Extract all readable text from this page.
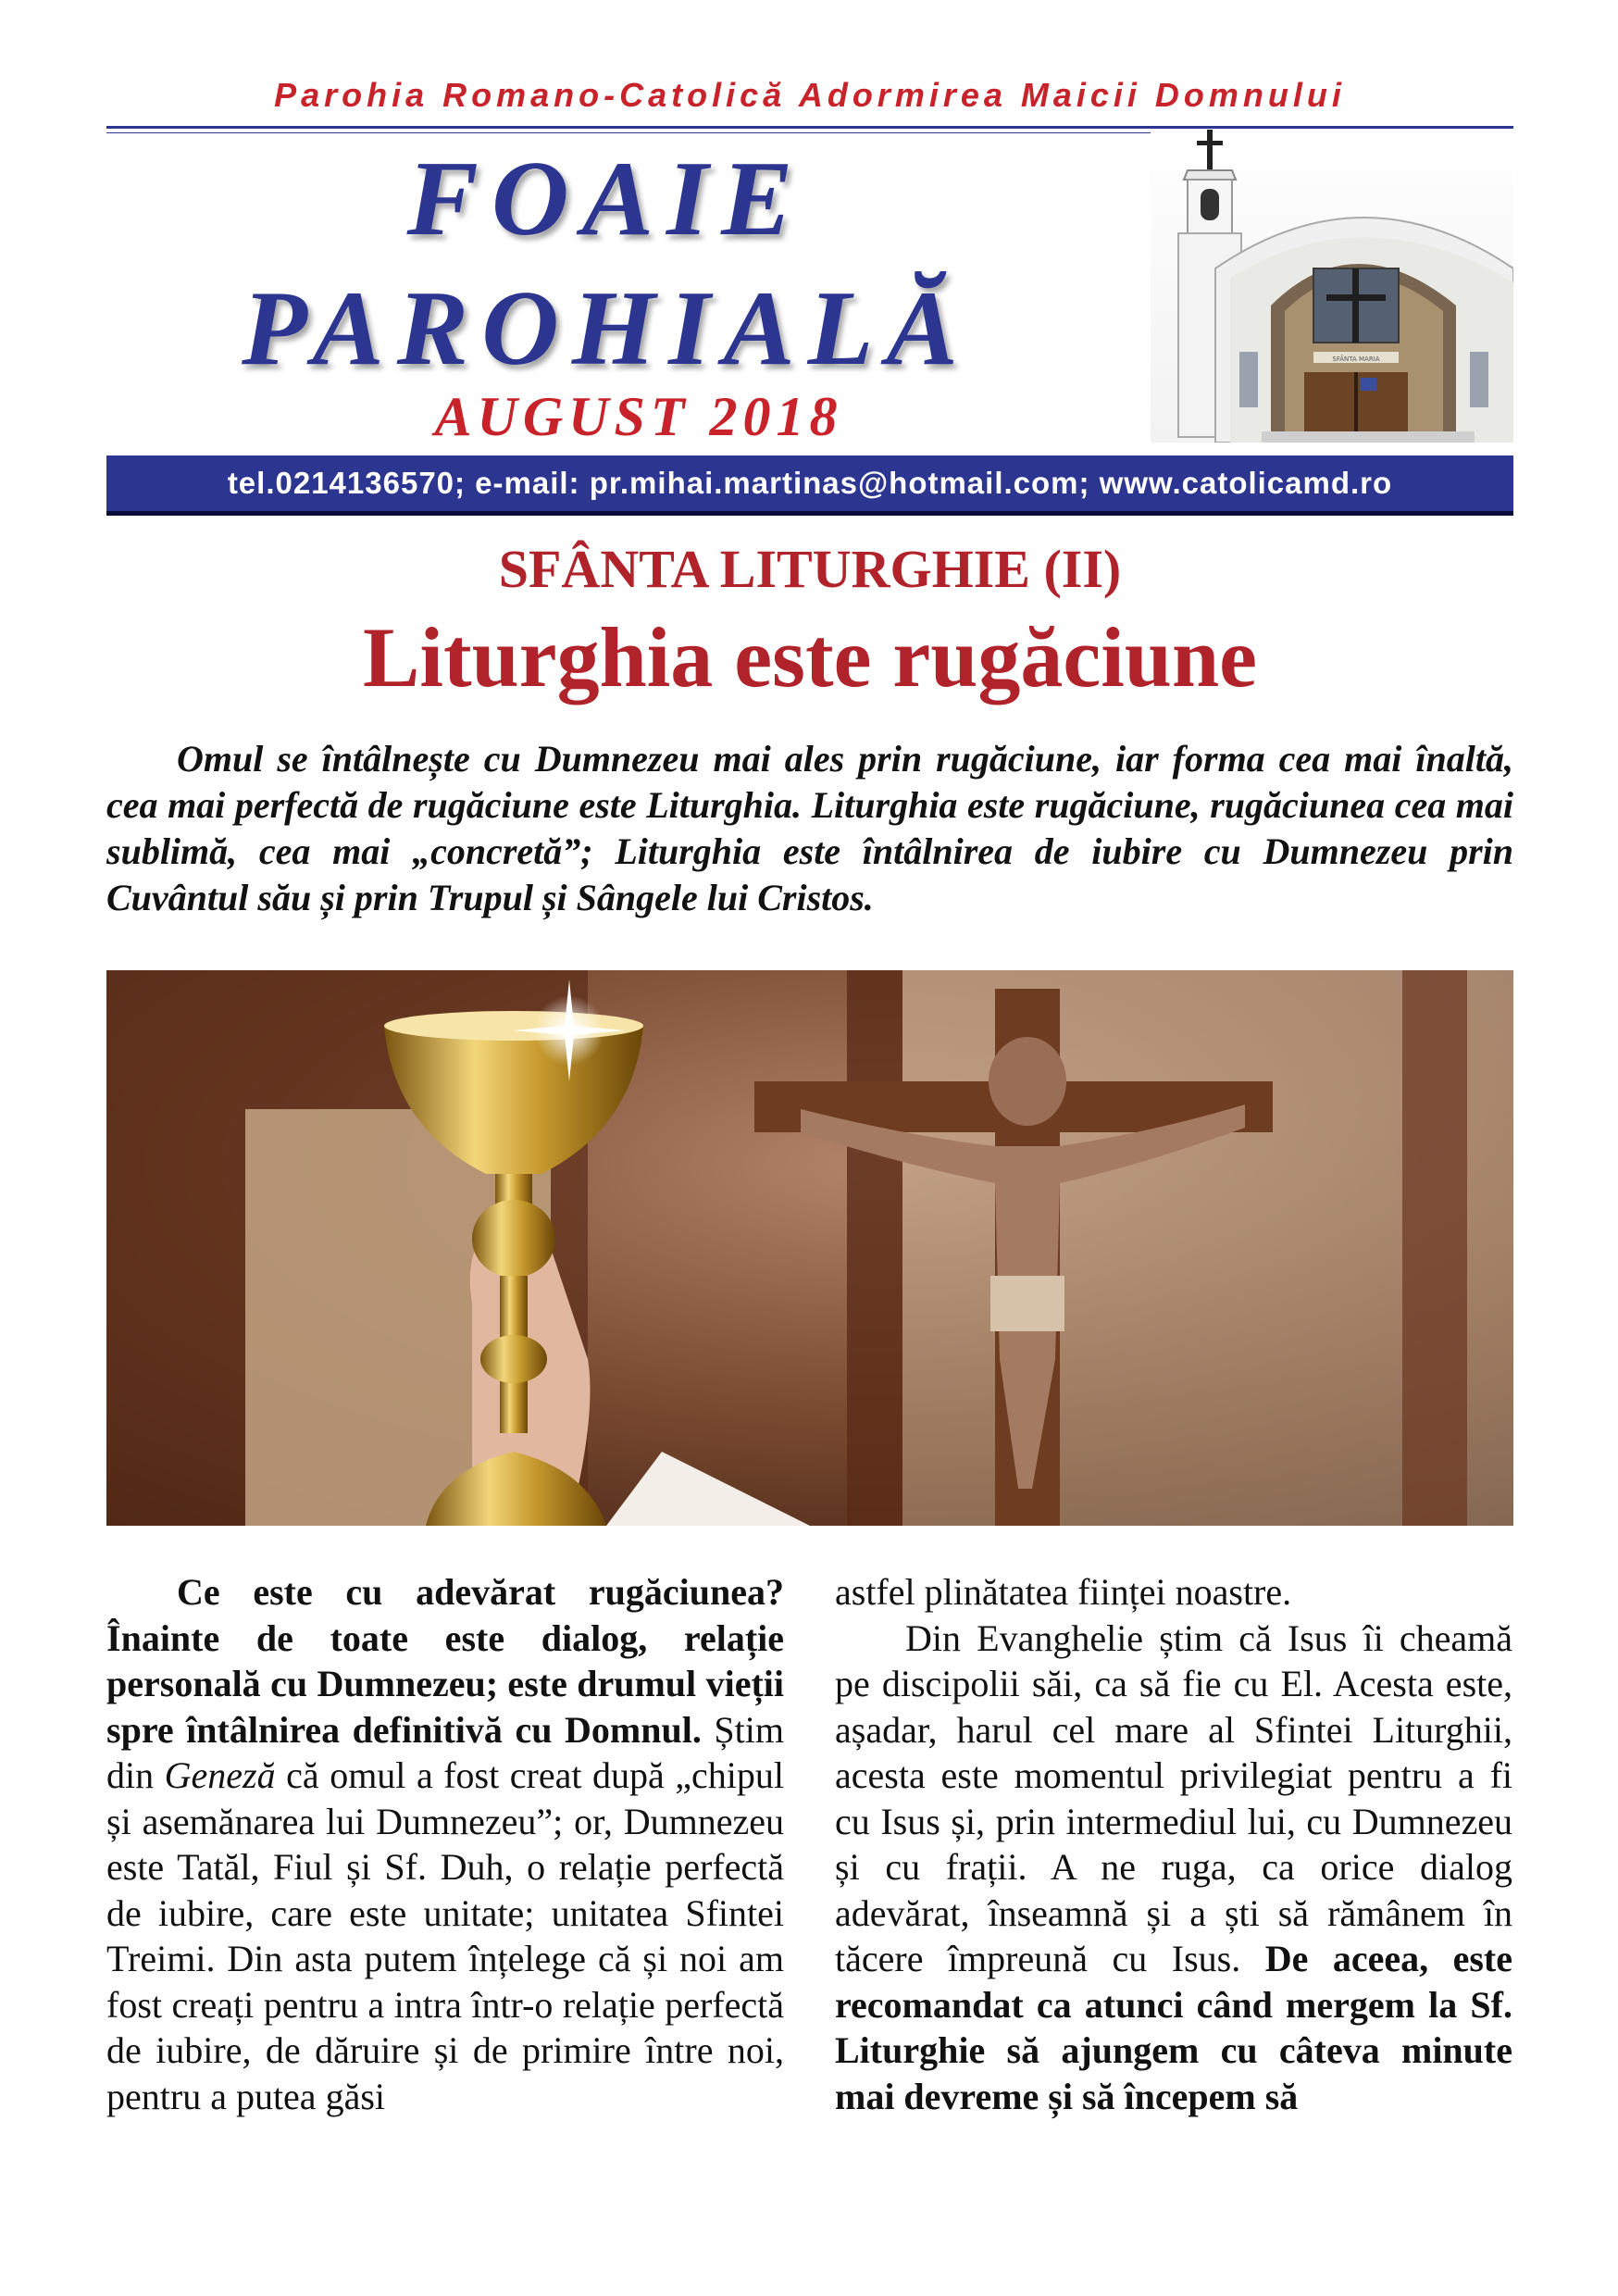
Parohia Romano-Catolică Adormirea Maicii Domnului
FOAIE
PAROHIALĂ
AUGUST 2018
SFÂNTA MARIA
tel.0214136570; e-mail: pr.mihai.martinas@hotmail.com; www.catolicamd.ro
SFÂNTA LITURGHIE (II)
Liturghia este rugăciune

Omul se întâlnește cu Dumnezeu mai ales prin rugăciune, iar forma cea mai înaltă, cea mai perfectă de rugăciune este Liturghia. Liturghia este rugăciune, rugăciunea cea mai sublimă, cea mai „concretă”; Liturghia este întâlnirea de iubire cu Dumnezeu prin Cuvântul său și prin Trupul și Sângele lui Cristos.

Ce este cu adevărat rugăciunea? Înainte de toate este dialog, relație personală cu Dumnezeu; este drumul vieții spre întâlnirea definitivă cu Domnul. Știm din Geneză că omul a fost creat după „chipul și asemănarea lui Dumnezeu”; or, Dumnezeu este Tatăl, Fiul și Sf. Duh, o relație perfectă de iubire, care este unitate; unitatea Sfintei Treimi. Din asta putem înțelege că și noi am fost creați pentru a intra într-o relație perfectă de iubire, de dăruire și de primire între noi, pentru a putea găsi

astfel plinătatea ființei noastre.

Din Evanghelie știm că Isus îi cheamă pe discipolii săi, ca să fie cu El. Acesta este, așadar, harul cel mare al Sfintei Liturghii, acesta este momentul privilegiat pentru a fi cu Isus și, prin intermediul lui, cu Dumnezeu și cu frații. A ne ruga, ca orice dialog adevărat, înseamnă și a ști să rămânem în tăcere împreună cu Isus. De aceea, este recomandat ca atunci când mergem la Sf. Liturghie să ajungem cu câteva minute mai devreme și să începem să
